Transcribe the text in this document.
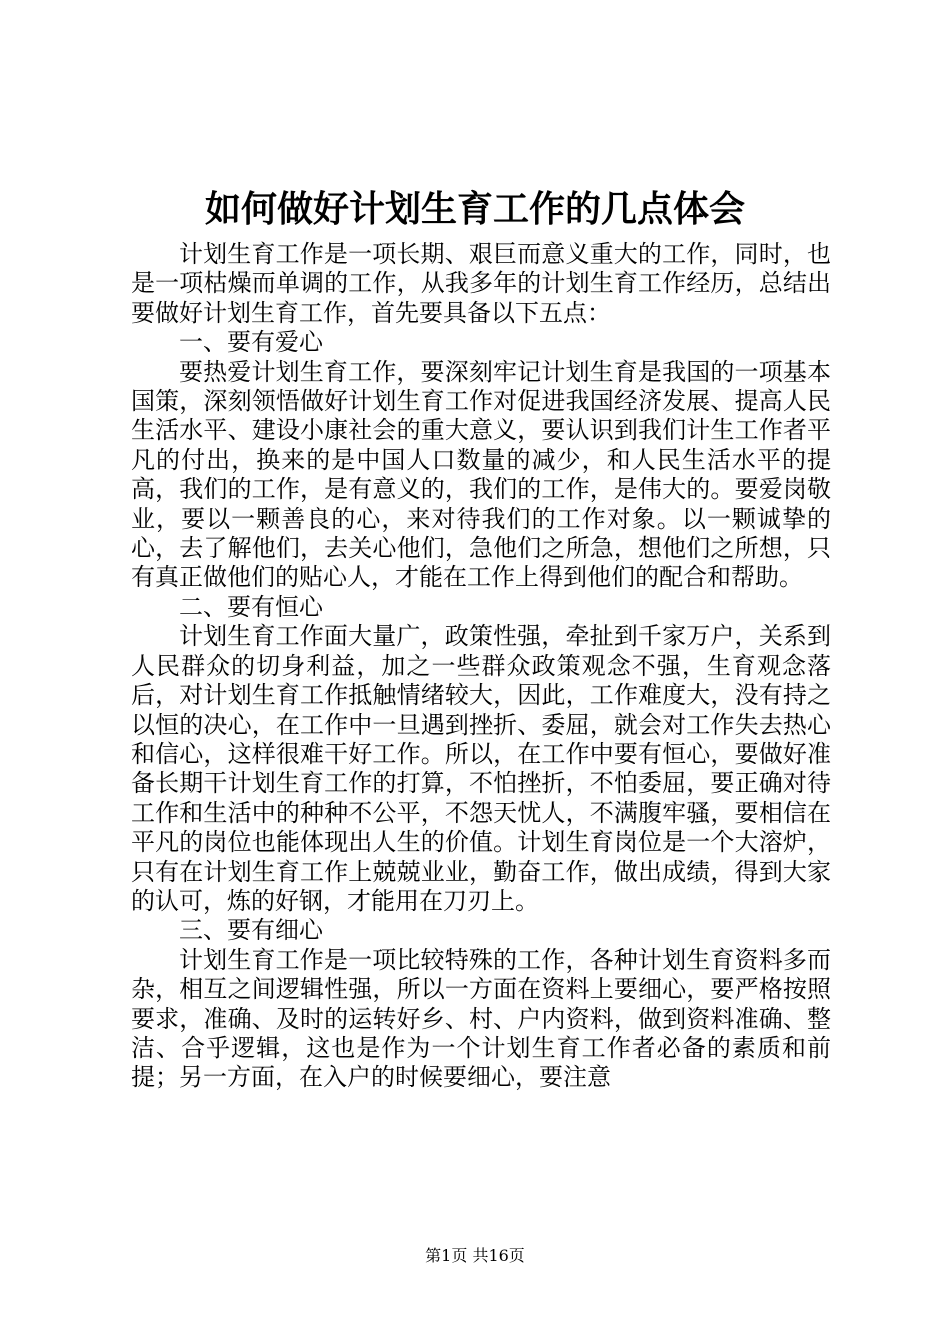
如何做好计划生育工作的几点体会

计划生育工作是一项长期、艰巨而意义重大的工作，同时，也是一项枯燥而单调的工作，从我多年的计划生育工作经历，总结出要做好计划生育工作，首先要具备以下五点：

一、要有爱心

要热爱计划生育工作，要深刻牢记计划生育是我国的一项基本国策，深刻领悟做好计划生育工作对促进我国经济发展、提高人民生活水平、建设小康社会的重大意义，要认识到我们计生工作者平凡的付出，换来的是中国人口数量的减少，和人民生活水平的提高，我们的工作，是有意义的，我们的工作，是伟大的。要爱岗敬业，要以一颗善良的心，来对待我们的工作对象。以一颗诚挚的心，去了解他们，去关心他们，急他们之所急，想他们之所想，只有真正做他们的贴心人，才能在工作上得到他们的配合和帮助。

二、要有恒心

计划生育工作面大量广，政策性强，牵扯到千家万户，关系到人民群众的切身利益，加之一些群众政策观念不强，生育观念落后，对计划生育工作抵触情绪较大，因此，工作难度大，没有持之以恒的决心，在工作中一旦遇到挫折、委屈，就会对工作失去热心和信心，这样很难干好工作。所以，在工作中要有恒心，要做好准备长期干计划生育工作的打算，不怕挫折，不怕委屈，要正确对待工作和生活中的种种不公平，不怨天忧人，不满腹牢骚，要相信在平凡的岗位也能体现出人生的价值。计划生育岗位是一个大溶炉，只有在计划生育工作上兢兢业业，勤奋工作，做出成绩，得到大家的认可，炼的好钢，才能用在刀刃上。

三、要有细心

计划生育工作是一项比较特殊的工作，各种计划生育资料多而杂，相互之间逻辑性强，所以一方面在资料上要细心，要严格按照要求，准确、及时的运转好乡、村、户内资料，做到资料准确、整洁、合乎逻辑，这也是作为一个计划生育工作者必备的素质和前提；另一方面，在入户的时候要细心，要注意

第1页 共16页
